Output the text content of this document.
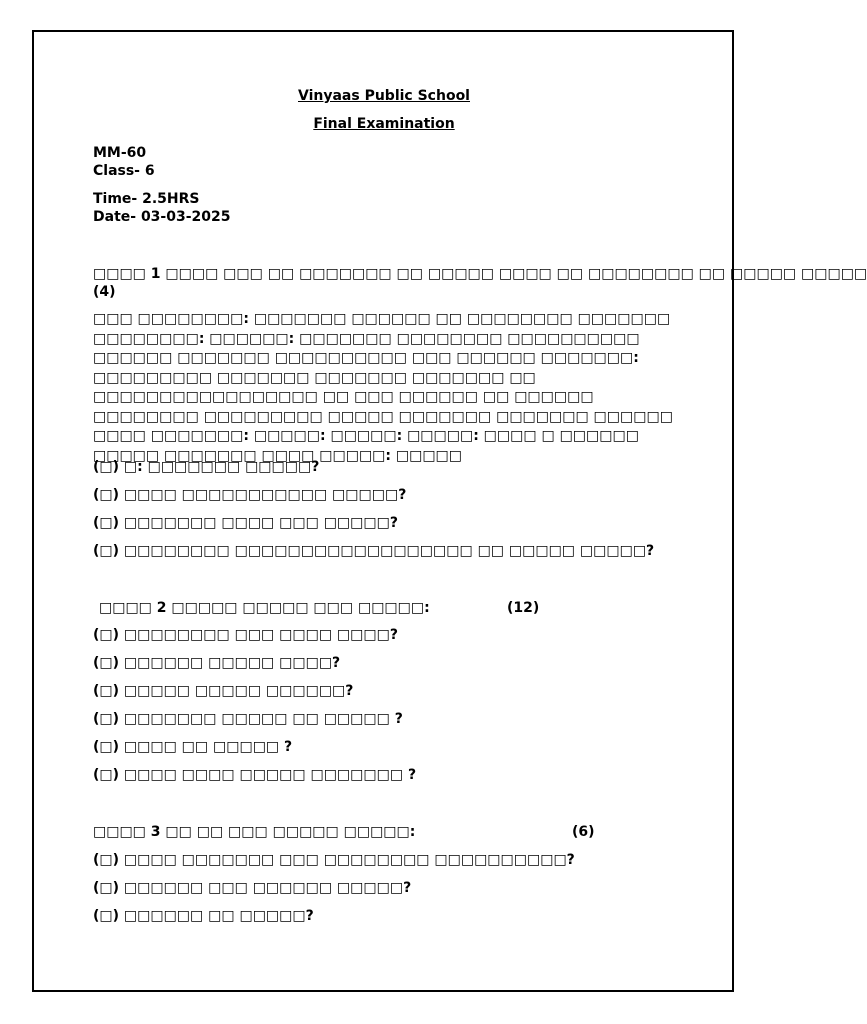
Vinyaas Public School
Final Examination
MM-60
Class- 6
Time- 2.5HRS
Date- 03-03-2025
□□□□ 1 □□□□ □□□ □□ □□□□□□□ □□ □□□□□ □□□□ □□ □□□□□□□□ □□ □□□□□ □□□□□
(4)
□□□ □□□□□□□□: □□□□□□□ □□□□□□ □□ □□□□□□□□ □□□□□□□ □□□□□□□□: □□□□□□: □□□□□□□ □□□□□□□□ □□□□□□□□□□ □□□□□□ □□□□□□□ □□□□□□□□□□ □□□ □□□□□□ □□□□□□□: □□□□□□□□□ □□□□□□□ □□□□□□□ □□□□□□□ □□ □□□□□□□□□□□□□□□□□ □□ □□□ □□□□□□ □□ □□□□□□ □□□□□□□□ □□□□□□□□□ □□□□□ □□□□□□□ □□□□□□□ □□□□□□ □□□□ □□□□□□□: □□□□□: □□□□□: □□□□□: □□□□ □ □□□□□□ □□□□□ □□□□□□□ □□□□ □□□□□: □□□□□
(□) □: □□□□□□□ □□□□□?
(□) □□□□ □□□□□□□□□□□ □□□□□?
(□) □□□□□□□ □□□□ □□□ □□□□□?
(□) □□□□□□□□ □□□□□□□□□□□□□□□□□□ □□ □□□□□ □□□□□?
□□□□ 2 □□□□□ □□□□□ □□□ □□□□□:	(12)
(□) □□□□□□□□ □□□ □□□□ □□□□?
(□) □□□□□□ □□□□□ □□□□?
(□) □□□□□ □□□□□ □□□□□□?
(□) □□□□□□□ □□□□□ □□ □□□□□ ?
(□) □□□□ □□ □□□□□ ?
(□) □□□□ □□□□ □□□□□ □□□□□□□ ?
□□□□ 3 □□ □□ □□□ □□□□□ □□□□□:	(6)
(□) □□□□ □□□□□□□ □□□ □□□□□□□□ □□□□□□□□□□?
(□) □□□□□□ □□□ □□□□□□ □□□□□?
(□) □□□□□□ □□ □□□□□?
